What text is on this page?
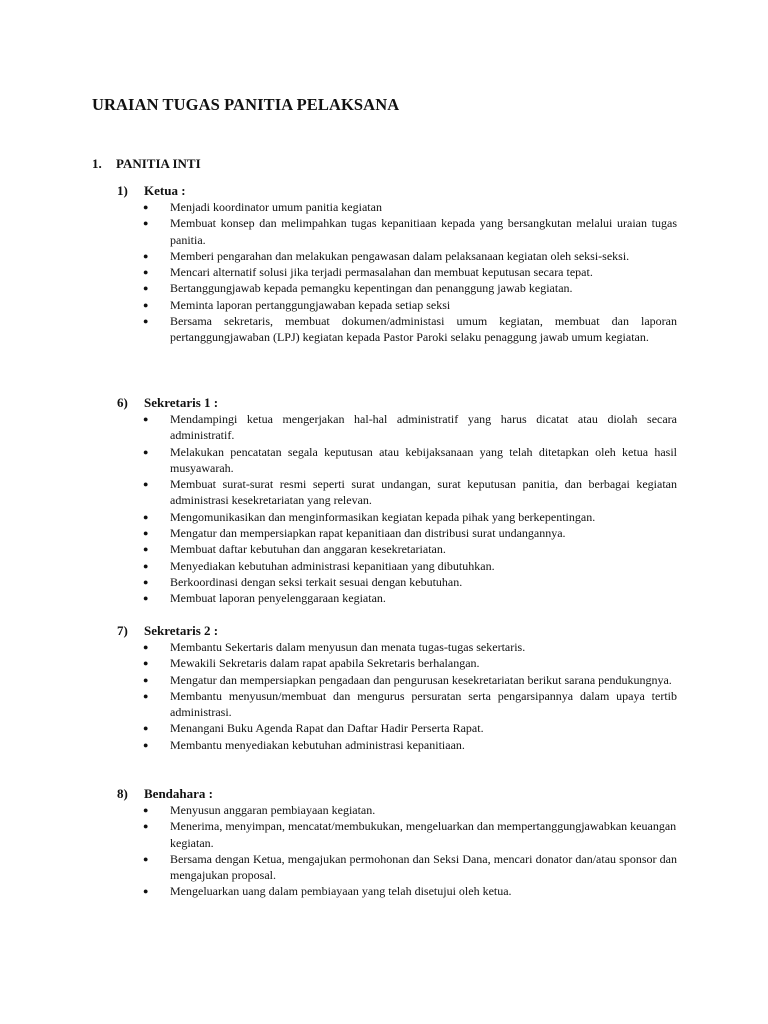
URAIAN TUGAS PANITIA PELAKSANA
1. PANITIA INTI
1) Ketua :
● Menjadi koordinator umum panitia kegiatan
● Membuat konsep dan melimpahkan tugas kepanitiaan kepada yang bersangkutan melalui uraian tugas panitia.
● Memberi pengarahan dan melakukan pengawasan dalam pelaksanaan kegiatan oleh seksi-seksi.
● Mencari alternatif solusi jika terjadi permasalahan dan membuat keputusan secara tepat.
● Bertanggungjawab kepada pemangku kepentingan dan penanggung jawab kegiatan.
● Meminta laporan pertanggungjawaban kepada setiap seksi
● Bersama sekretaris, membuat dokumen/administasi umum kegiatan, membuat dan laporan pertanggungjawaban (LPJ) kegiatan kepada Pastor Paroki selaku penaggung jawab umum kegiatan.
6) Sekretaris 1 :
● Mendampingi ketua mengerjakan hal-hal administratif yang harus dicatat atau diolah secara administratif.
● Melakukan pencatatan segala keputusan atau kebijaksanaan yang telah ditetapkan oleh ketua hasil musyawarah.
● Membuat surat-surat resmi seperti surat undangan, surat keputusan panitia, dan berbagai kegiatan administrasi kesekretariatan yang relevan.
● Mengomunikasikan dan menginformasikan kegiatan kepada pihak yang berkepentingan.
● Mengatur dan mempersiapkan rapat kepanitiaan dan distribusi surat undangannya.
● Membuat daftar kebutuhan dan anggaran kesekretariatan.
● Menyediakan kebutuhan administrasi kepanitiaan yang dibutuhkan.
● Berkoordinasi dengan seksi terkait sesuai dengan kebutuhan.
● Membuat laporan penyelenggaraan kegiatan.
7) Sekretaris 2 :
● Membantu Sekertaris dalam menyusun dan menata tugas-tugas sekertaris.
● Mewakili Sekretaris dalam rapat apabila Sekretaris berhalangan.
● Mengatur dan mempersiapkan pengadaan dan pengurusan kesekretariatan berikut sarana pendukungnya.
● Membantu menyusun/membuat dan mengurus persuratan serta pengarsipannya dalam upaya tertib administrasi.
● Menangani Buku Agenda Rapat dan Daftar Hadir Perserta Rapat.
● Membantu menyediakan kebutuhan administrasi kepanitiaan.
8) Bendahara :
● Menyusun anggaran pembiayaan kegiatan.
● Menerima, menyimpan, mencatat/membukukan, mengeluarkan dan mempertanggungjawabkan keuangan kegiatan.
● Bersama dengan Ketua, mengajukan permohonan dan Seksi Dana, mencari donator dan/atau sponsor dan mengajukan proposal.
● Mengeluarkan uang dalam pembiayaan yang telah disetujui oleh ketua.
